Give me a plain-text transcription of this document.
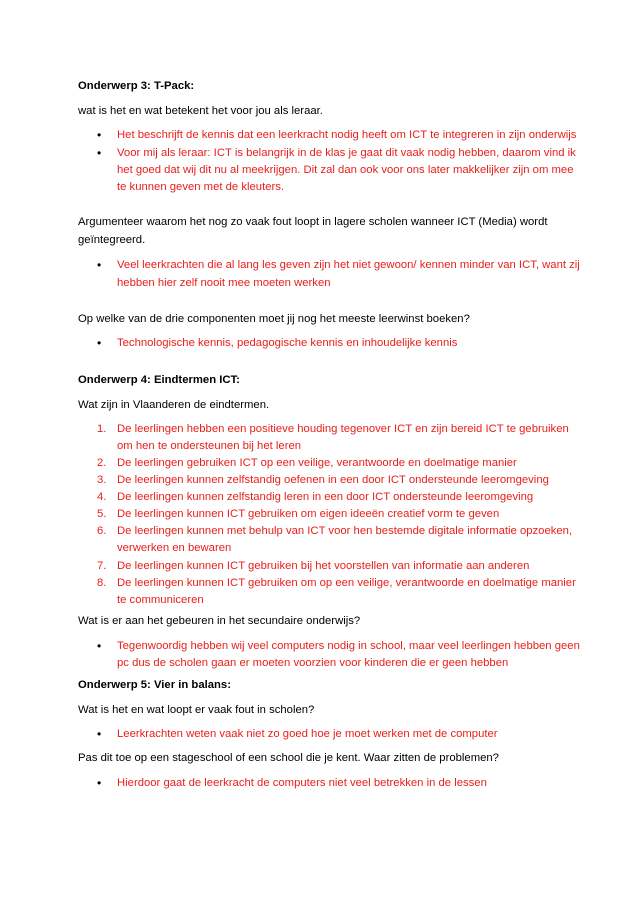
Onderwerp 3: T-Pack:
wat is het en wat betekent het voor jou als leraar.
• Het beschrijft de kennis dat een leerkracht nodig heeft om ICT te integreren in zijn onderwijs
• Voor mij als leraar: ICT is belangrijk in de klas je gaat dit vaak nodig hebben, daarom vind ik
het goed dat wij dit nu al meekrijgen. Dit zal dan ook voor ons later makkelijker zijn om mee
te kunnen geven met de kleuters.
Argumenteer waarom het nog zo vaak fout loopt in lagere scholen wanneer ICT (Media) wordt
geïntegreerd.
• Veel leerkrachten die al lang les geven zijn het niet gewoon/ kennen minder van ICT, want zij
hebben hier zelf nooit mee moeten werken
Op welke van de drie componenten moet jij nog het meeste leerwinst boeken?
• Technologische kennis, pedagogische kennis en inhoudelijke kennis
Onderwerp 4: Eindtermen ICT:
Wat zijn in Vlaanderen de eindtermen.
1. De leerlingen hebben een positieve houding tegenover ICT en zijn bereid ICT te gebruiken
om hen te ondersteunen bij het leren
2. De leerlingen gebruiken ICT op een veilige, verantwoorde en doelmatige manier
3. De leerlingen kunnen zelfstandig oefenen in een door ICT ondersteunde leeromgeving
4. De leerlingen kunnen zelfstandig leren in een door ICT ondersteunde leeromgeving
5. De leerlingen kunnen ICT gebruiken om eigen ideeën creatief vorm te geven
6. De leerlingen kunnen met behulp van ICT voor hen bestemde digitale informatie opzoeken,
verwerken en bewaren
7. De leerlingen kunnen ICT gebruiken bij het voorstellen van informatie aan anderen
8. De leerlingen kunnen ICT gebruiken om op een veilige, verantwoorde en doelmatige manier
te communiceren
Wat is er aan het gebeuren in het secundaire onderwijs?
• Tegenwoordig hebben wij veel computers nodig in school, maar veel leerlingen hebben geen
pc dus de scholen gaan er moeten voorzien voor kinderen die er geen hebben
Onderwerp 5: Vier in balans:
Wat is het en wat loopt er vaak fout in scholen?
• Leerkrachten weten vaak niet zo goed hoe je moet werken met de computer
Pas dit toe op een stageschool of een school die je kent. Waar zitten de problemen?
• Hierdoor gaat de leerkracht de computers niet veel betrekken in de lessen
